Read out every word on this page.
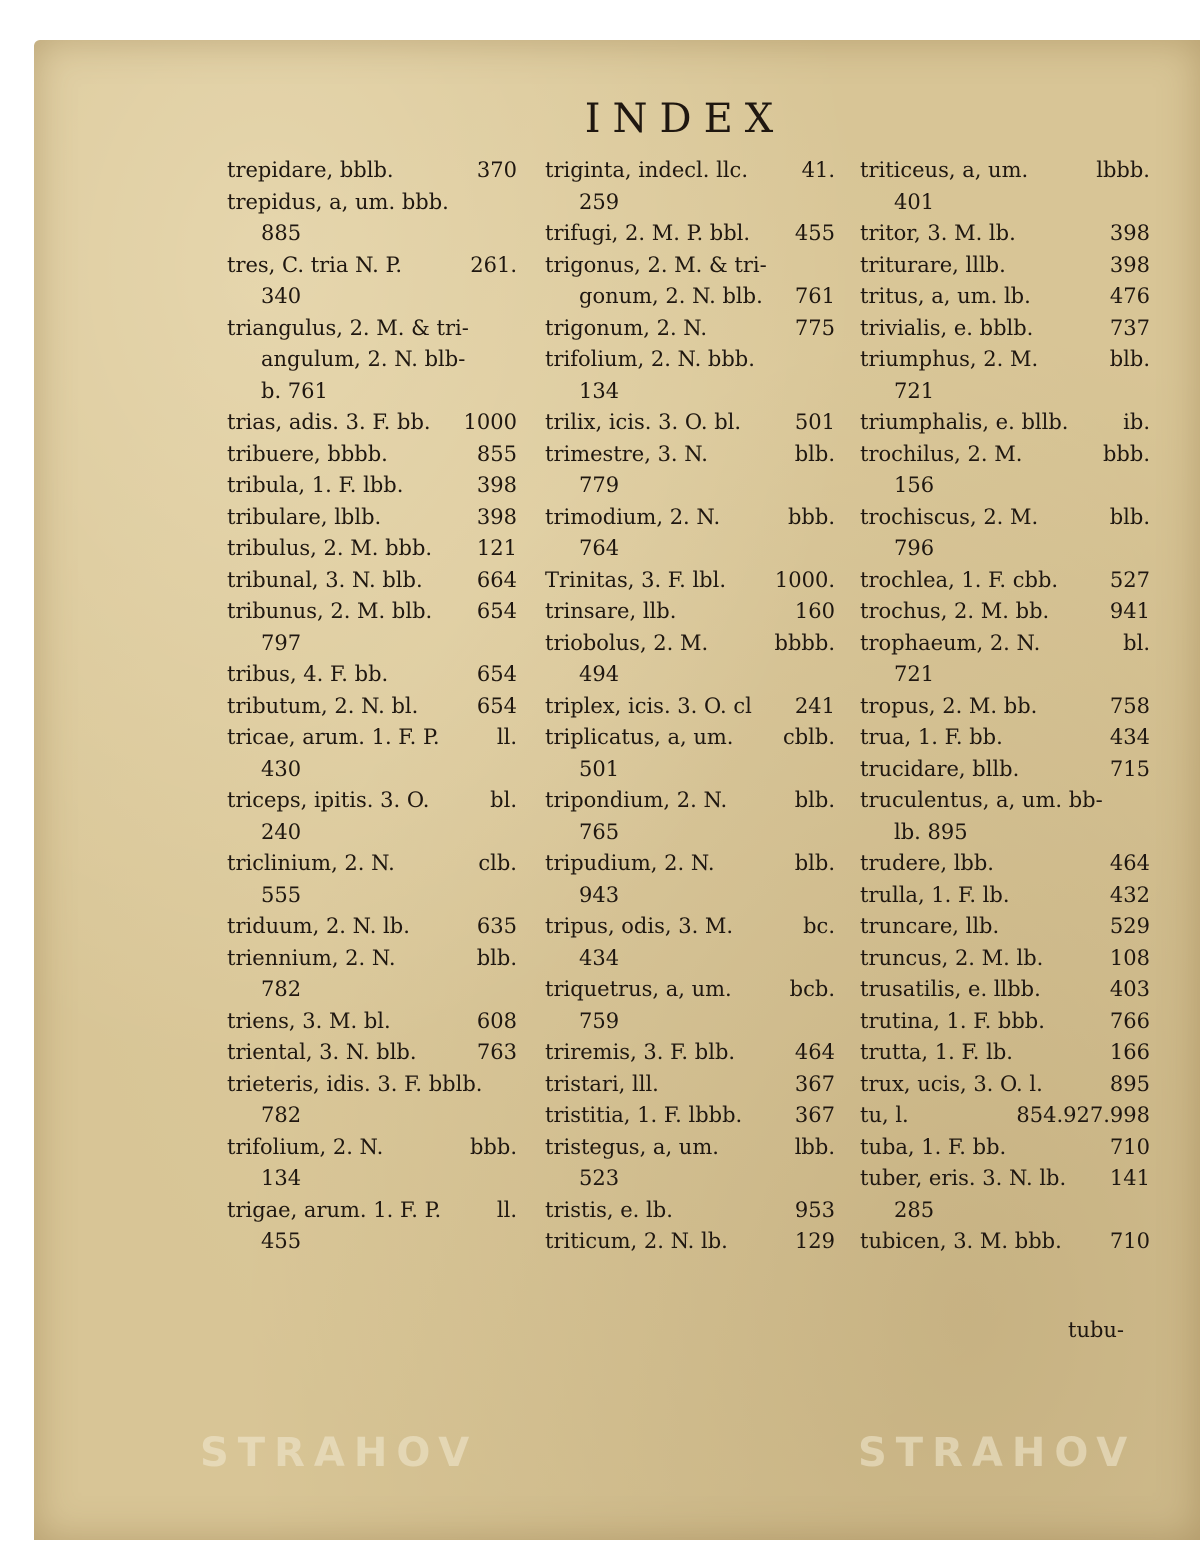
INDEX
trepidare, bblb.	370
trepidus, a, um. bbb.
885
tres, C. tria N. P.	261.
340
triangulus, 2. M. & tri-
angulum, 2. N. blb-
b. 761
trias, adis. 3. F. bb. 1000
tribuere, bbbb.	855
tribula, 1. F. lbb.	398
tribulare, lblb.	398
tribulus, 2. M. bbb. 121
tribunal, 3. N. blb.	664
tribunus, 2. M. blb. 654
797
tribus, 4. F. bb.	654
tributum, 2. N. bl.	654
tricae, arum. 1. F. P.	ll.
430
triceps, ipitis. 3. O.	bl.
240
triclinium, 2. N.	clb.
555
triduum, 2. N. lb.	635
triennium, 2. N.	blb.
782
triens, 3. M. bl.	608
triental, 3. N. blb.	763
trieteris, idis. 3. F. bblb.
782
trifolium, 2. N.	bbb.
134
trigae, arum. 1. F. P.	ll.
455
triginta, indecl. llc.	41.
259
trifugi, 2. M. P. bbl. 455
trigonus, 2. M. & tri-
gonum, 2. N. blb. 761
trigonum, 2. N.	775
trifolium, 2. N. bbb.
134
trilix, icis. 3. O. bl.	501
trimestre, 3. N.	blb.
779
trimodium, 2. N.	bbb.
764
Trinitas, 3. F. lbl. 1000.
trinsare, llb.	160
triobolus, 2. M.	bbbb.
494
triplex, icis. 3. O. cl 241
triplicatus, a, um. cblb.
501
tripondium, 2. N.	blb.
765
tripudium, 2. N.	blb.
943
tripus, odis, 3. M.	bc.
434
triquetrus, a, um.	bcb.
759
triremis, 3. F. blb.	464
tristari, lll.	367
tristitia, 1. F. lbbb.	367
tristegus, a, um.	lbb.
523
tristis, e. lb.	953
triticum, 2. N. lb.	129
triticeus, a, um.	lbbb.
401
tritor, 3. M. lb.	398
triturare, lllb.	398
tritus, a, um. lb.	476
trivialis, e. bblb.	737
triumphus, 2. M.	blb.
721
triumphalis, e. bllb.	ib.
trochilus, 2. M.	bbb.
156
trochiscus, 2. M.	blb.
796
trochlea, 1. F. cbb. 527
trochus, 2. M. bb.	941
trophaeum, 2. N.	bl.
721
tropus, 2. M. bb.	758
trua, 1. F. bb.	434
trucidare, bllb.	715
truculentus, a, um. bb-
lb. 895
trudere, lbb.	464
trulla, 1. F. lb.	432
truncare, llb.	529
truncus, 2. M. lb.	108
trusatilis, e. llbb.	403
trutina, 1. F. bbb.	766
trutta, 1. F. lb.	166
trux, ucis, 3. O. l.	895
tu, l.	854.927.998
tuba, 1. F. bb.	710
tuber, eris. 3. N. lb. 141
285
tubicen, 3. M. bbb. 710
tubu-
STRAHOV	STRAHOV
